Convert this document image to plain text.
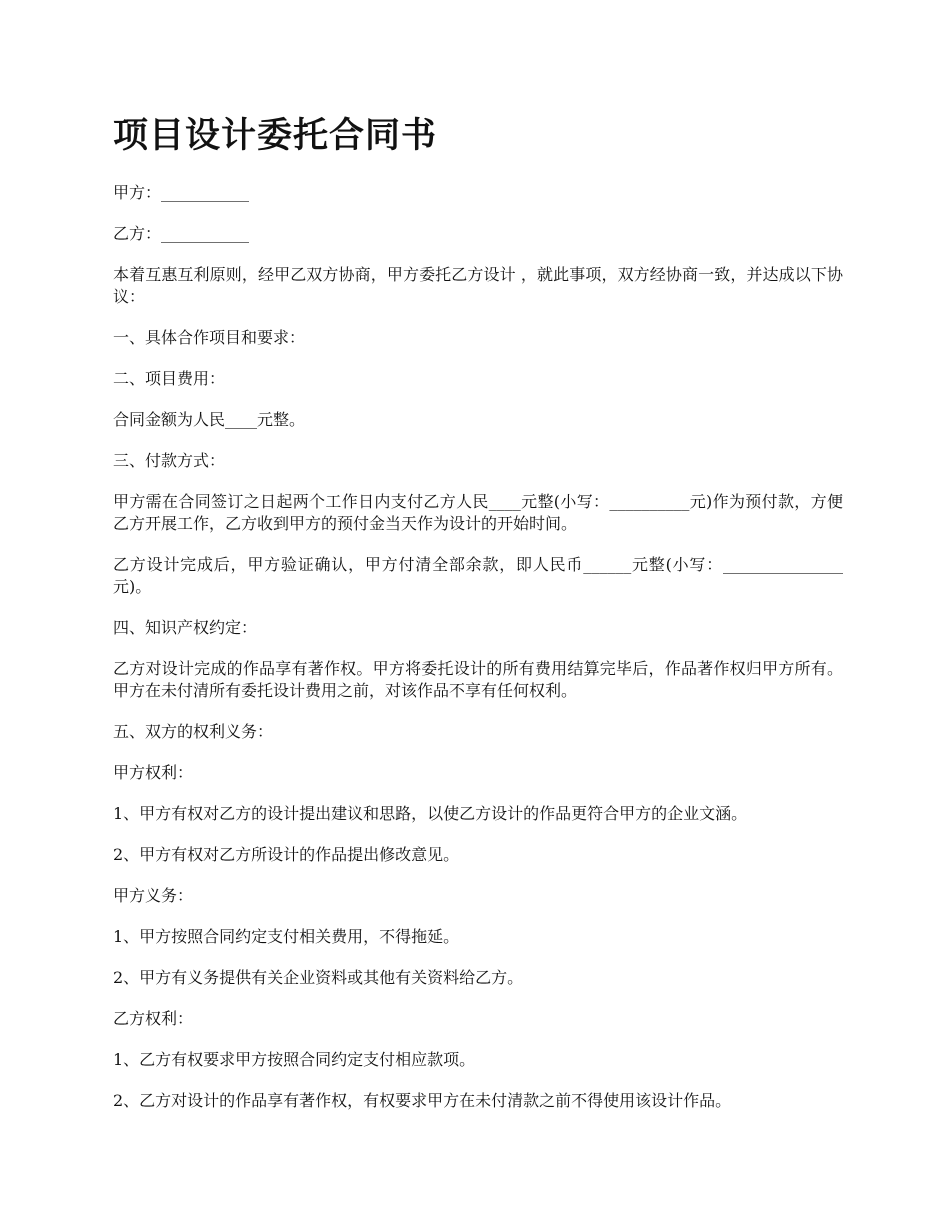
项目设计委托合同书

甲方：___________

乙方：___________

本着互惠互利原则，经甲乙双方协商，甲方委托乙方设计 ，就此事项，双方经协商一致，并达成以下协议：

一、具体合作项目和要求：

二、项目费用：

合同金额为人民____元整。

三、付款方式：

甲方需在合同签订之日起两个工作日内支付乙方人民____元整(小写：__________元)作为预付款，方便乙方开展工作，乙方收到甲方的预付金当天作为设计的开始时间。

乙方设计完成后，甲方验证确认，甲方付清全部余款，即人民币______元整(小写：_______________元)。

四、知识产权约定：

乙方对设计完成的作品享有著作权。甲方将委托设计的所有费用结算完毕后，作品著作权归甲方所有。甲方在未付清所有委托设计费用之前，对该作品不享有任何权利。

五、双方的权利义务：

甲方权利：

1、甲方有权对乙方的设计提出建议和思路，以使乙方设计的作品更符合甲方的企业文涵。

2、甲方有权对乙方所设计的作品提出修改意见。

甲方义务：

1、甲方按照合同约定支付相关费用，不得拖延。

2、甲方有义务提供有关企业资料或其他有关资料给乙方。

乙方权利：

1、乙方有权要求甲方按照合同约定支付相应款项。

2、乙方对设计的作品享有著作权，有权要求甲方在未付清款之前不得使用该设计作品。
